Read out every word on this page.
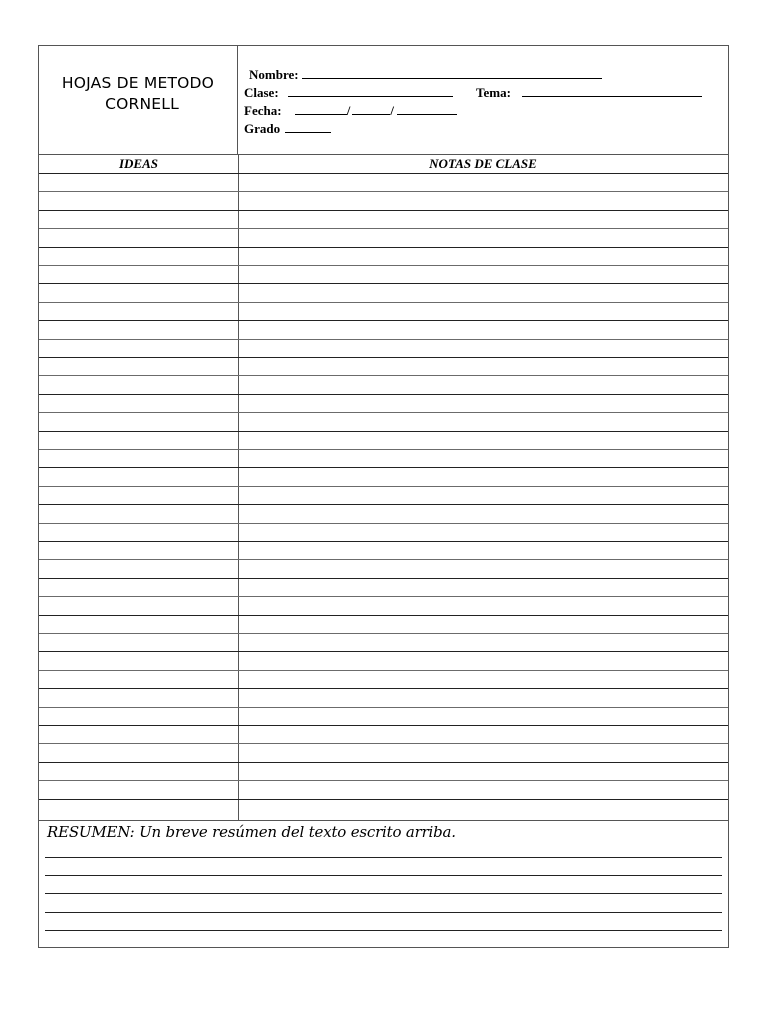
HOJAS DE METODO
CORNELL
Nombre:
Clase:	Tema:
Fecha:	/	/
Grado
IDEAS	NOTAS DE CLASE
RESUMEN: Un breve resúmen del texto escrito arriba.
